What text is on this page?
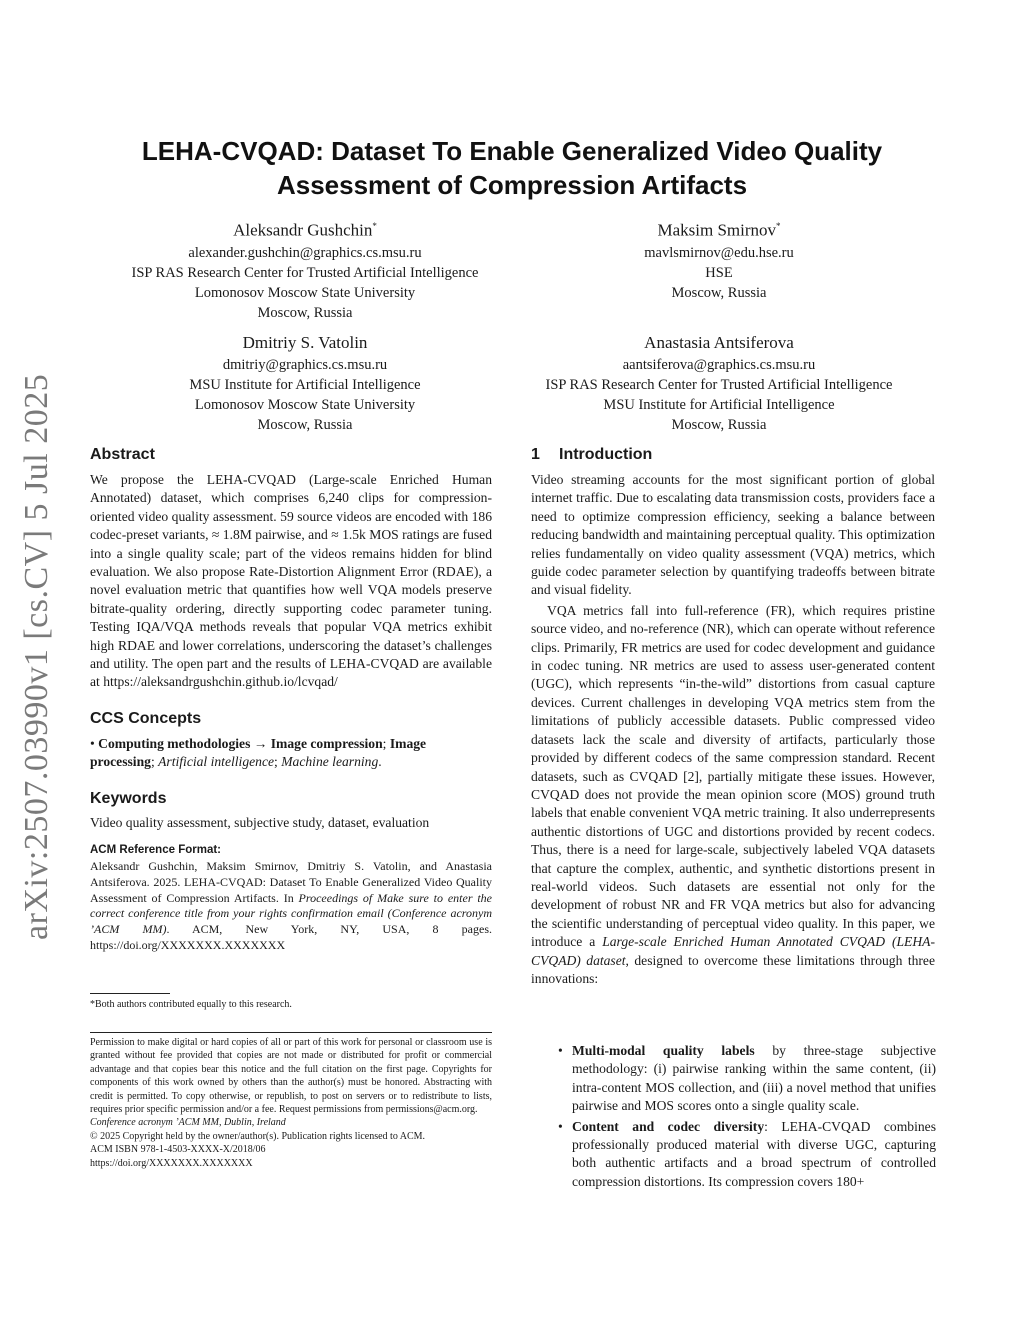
arXiv:2507.03990v1 [cs.CV] 5 Jul 2025
LEHA-CVQAD: Dataset To Enable Generalized Video Quality
Assessment of Compression Artifacts
Aleksandr Gushchin*
alexander.gushchin@graphics.cs.msu.ru
ISP RAS Research Center for Trusted Artificial Intelligence
Lomonosov Moscow State University
Moscow, Russia
Maksim Smirnov*
mavlsmirnov@edu.hse.ru
HSE
Moscow, Russia
Dmitriy S. Vatolin
dmitriy@graphics.cs.msu.ru
MSU Institute for Artificial Intelligence
Lomonosov Moscow State University
Moscow, Russia
Anastasia Antsiferova
aantsiferova@graphics.cs.msu.ru
ISP RAS Research Center for Trusted Artificial Intelligence
MSU Institute for Artificial Intelligence
Moscow, Russia
Abstract

We propose the LEHA-CVQAD (Large-scale Enriched Human Annotated) dataset, which comprises 6,240 clips for compression-oriented video quality assessment. 59 source videos are encoded with 186 codec-preset variants, ≈ 1.8M pairwise, and ≈ 1.5k MOS ratings are fused into a single quality scale; part of the videos remains hidden for blind evaluation. We also propose Rate-Distortion Alignment Error (RDAE), a novel evaluation metric that quantifies how well VQA models preserve bitrate-quality ordering, directly supporting codec parameter tuning. Testing IQA/VQA methods reveals that popular VQA metrics exhibit high RDAE and lower correlations, underscoring the dataset’s challenges and utility. The open part and the results of LEHA-CVQAD are available at https://aleksandrgushchin.github.io/lcvqad/

CCS Concepts

• Computing methodologies → Image compression; Image processing; Artificial intelligence; Machine learning.

Keywords

Video quality assessment, subjective study, dataset, evaluation

ACM Reference Format:

Aleksandr Gushchin, Maksim Smirnov, Dmitriy S. Vatolin, and Anastasia Antsiferova. 2025. LEHA-CVQAD: Dataset To Enable Generalized Video Quality Assessment of Compression Artifacts. In Proceedings of Make sure to enter the correct conference title from your rights confirmation email (Conference acronym ’ACM MM). ACM, New York, NY, USA, 8 pages. https://doi.org/XXXXXXX.XXXXXXX

*Both authors contributed equally to this research.

Permission to make digital or hard copies of all or part of this work for personal or classroom use is granted without fee provided that copies are not made or distributed for profit or commercial advantage and that copies bear this notice and the full citation on the first page. Copyrights for components of this work owned by others than the author(s) must be honored. Abstracting with credit is permitted. To copy otherwise, or republish, to post on servers or to redistribute to lists, requires prior specific permission and/or a fee. Request permissions from permissions@acm.org.

Conference acronym ’ACM MM, Dublin, Ireland

© 2025 Copyright held by the owner/author(s). Publication rights licensed to ACM.

ACM ISBN 978-1-4503-XXXX-X/2018/06

https://doi.org/XXXXXXX.XXXXXXX

1 Introduction

Video streaming accounts for the most significant portion of global internet traffic. Due to escalating data transmission costs, providers face a need to optimize compression efficiency, seeking a balance between reducing bandwidth and maintaining perceptual quality. This optimization relies fundamentally on video quality assessment (VQA) metrics, which guide codec parameter selection by quantifying tradeoffs between bitrate and visual fidelity.

VQA metrics fall into full-reference (FR), which requires pristine source video, and no-reference (NR), which can operate without reference clips. Primarily, FR metrics are used for codec development and guidance in codec tuning. NR metrics are used to assess user-generated content (UGC), which represents “in-the-wild” distortions from casual capture devices. Current challenges in developing VQA metrics stem from the limitations of publicly accessible datasets. Public compressed video datasets lack the scale and diversity of artifacts, particularly those provided by different codecs of the same compression standard. Recent datasets, such as CVQAD [2], partially mitigate these issues. However, CVQAD does not provide the mean opinion score (MOS) ground truth labels that enable convenient VQA metric training. It also underrepresents authentic distortions of UGC and distortions provided by recent codecs. Thus, there is a need for large-scale, subjectively labeled VQA datasets that capture the complex, authentic, and synthetic distortions present in real-world videos. Such datasets are essential not only for the development of robust NR and FR VQA metrics but also for advancing the scientific understanding of perceptual video quality. In this paper, we introduce a Large-scale Enriched Human Annotated CVQAD (LEHA-CVQAD) dataset, designed to overcome these limitations through three innovations:

• Multi-modal quality labels by three-stage subjective methodology: (i) pairwise ranking within the same content, (ii) intra-content MOS collection, and (iii) a novel method that unifies pairwise and MOS scores onto a single quality scale.
• Content and codec diversity: LEHA-CVQAD combines professionally produced material with diverse UGC, capturing both authentic artifacts and a broad spectrum of controlled compression distortions. Its compression covers 180+
